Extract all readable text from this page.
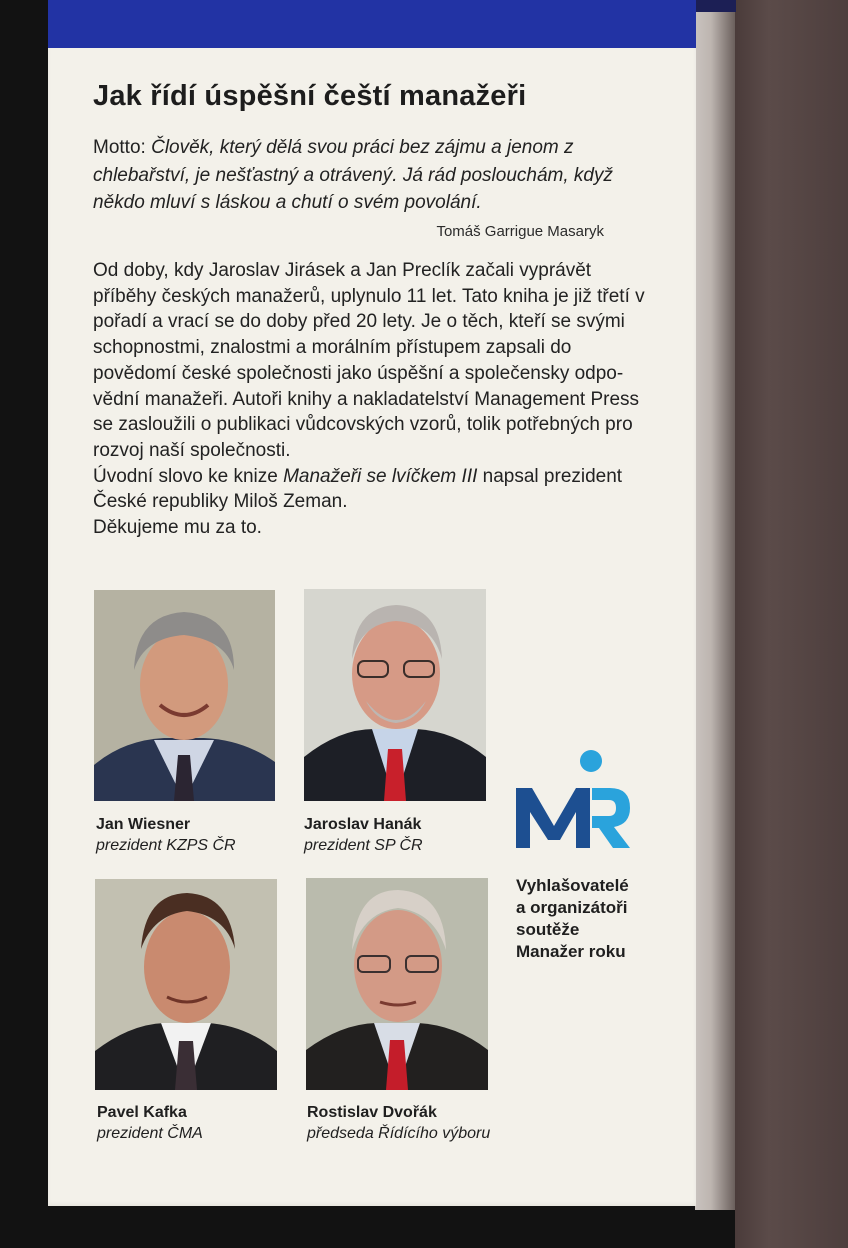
Jak řídí úspěšní čeští manažeři
Motto: Člověk, který dělá svou práci bez zájmu a jenom z chlebařství, je nešťastný a otrávený. Já rád poslouchám, když někdo mluví s láskou a chutí o svém povolání.
Tomáš Garrigue Masaryk

Od doby, kdy Jaroslav Jirásek a Jan Preclík začali vyprávět příběhy českých manažerů, uplynulo 11 let. Tato kniha je již třetí v pořadí a vrací se do doby před 20 lety. Je o těch, kteří se svými schopnostmi, znalostmi a morálním přístupem zapsali do povědomí české společnosti jako úspěšní a společensky odpovědní manažeři. Autoři knihy a nakladatelství Management Press se zasloužili o publikaci vůdcovských vzorů, tolik potřebných pro rozvoj naší společnosti.

Úvodní slovo ke knize Manažeři se lvíčkem III napsal prezident České republiky Miloš Zeman.

Děkujeme mu za to.

Jan Wiesner
prezident KZPS ČR
Jaroslav Hanák
prezident SP ČR
Pavel Kafka
prezident ČMA
Rostislav Dvořák
předseda Řídícího výboru
Vyhlašovatelé
a organizátoři
soutěže
Manažer roku
